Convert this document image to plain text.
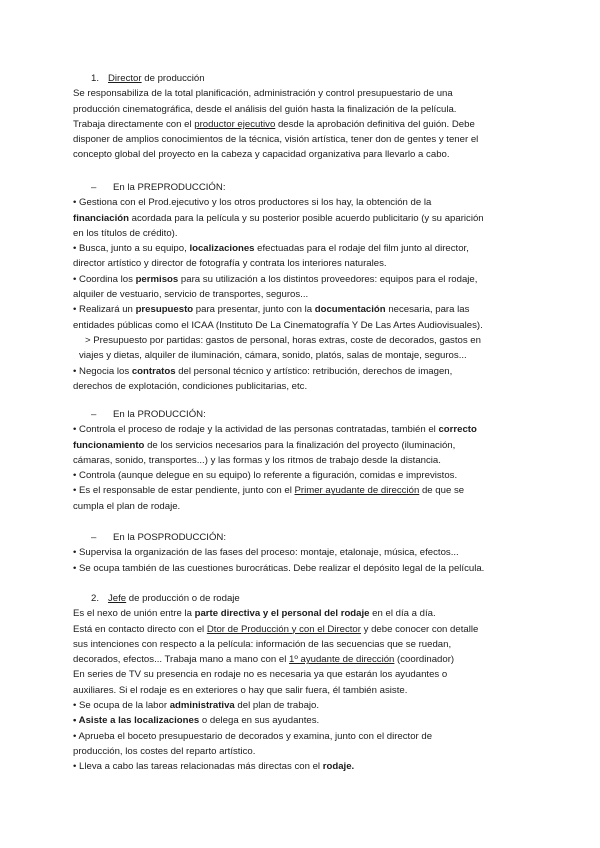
1. Director de producción
Se responsabiliza de la total planificación, administración y control presupuestario de una
producción cinematográfica, desde el análisis del guión hasta la finalización de la película.
Trabaja directamente con el productor ejecutivo desde la aprobación definitiva del guión. Debe
disponer de amplios conocimientos de la técnica, visión artística, tener don de gentes y tener el
concepto global del proyecto en la cabeza y capacidad organizativa para llevarlo a cabo.
– En la PREPRODUCCIÓN:
• Gestiona con el Prod.ejecutivo y los otros productores si los hay, la obtención de la
financiación acordada para la película y su posterior posible acuerdo publicitario (y su aparición
en los títulos de crédito).
• Busca, junto a su equipo, localizaciones efectuadas para el rodaje del film junto al director,
director artístico y director de fotografía y contrata los interiores naturales.
• Coordina los permisos para su utilización a los distintos proveedores: equipos para el rodaje,
alquiler de vestuario, servicio de transportes, seguros...
• Realizará un presupuesto para presentar, junto con la documentación necesaria, para las
entidades públicas como el ICAA (Instituto De La Cinematografía Y De Las Artes Audiovisuales).
> Presupuesto por partidas: gastos de personal, horas extras, coste de decorados, gastos en
viajes y dietas, alquiler de iluminación, cámara, sonido, platós, salas de montaje, seguros...
• Negocia los contratos del personal técnico y artístico: retribución, derechos de imagen,
derechos de explotación, condiciones publicitarias, etc.
– En la PRODUCCIÓN:
• Controla el proceso de rodaje y la actividad de las personas contratadas, también el correcto
funcionamiento de los servicios necesarios para la finalización del proyecto (iluminación,
cámaras, sonido, transportes...) y las formas y los ritmos de trabajo desde la distancia.
• Controla (aunque delegue en su equipo) lo referente a figuración, comidas e imprevistos.
• Es el responsable de estar pendiente, junto con el Primer ayudante de dirección de que se
cumpla el plan de rodaje.
– En la POSPRODUCCIÓN:
• Supervisa la organización de las fases del proceso: montaje, etalonaje, música, efectos...
• Se ocupa también de las cuestiones burocráticas. Debe realizar el depósito legal de la película.
2. Jefe de producción o de rodaje
Es el nexo de unión entre la parte directiva y el personal del rodaje en el día a día.
Está en contacto directo con el Dtor de Producción y con el Director y debe conocer con detalle
sus intenciones con respecto a la película: información de las secuencias que se ruedan,
decorados, efectos... Trabaja mano a mano con el 1º ayudante de dirección (coordinador)
En series de TV su presencia en rodaje no es necesaria ya que estarán los ayudantes o
auxiliares. Si el rodaje es en exteriores o hay que salir fuera, él también asiste.
• Se ocupa de la labor administrativa del plan de trabajo.
• Asiste a las localizaciones o delega en sus ayudantes.
• Aprueba el boceto presupuestario de decorados y examina, junto con el director de
producción, los costes del reparto artístico.
• Lleva a cabo las tareas relacionadas más directas con el rodaje.
